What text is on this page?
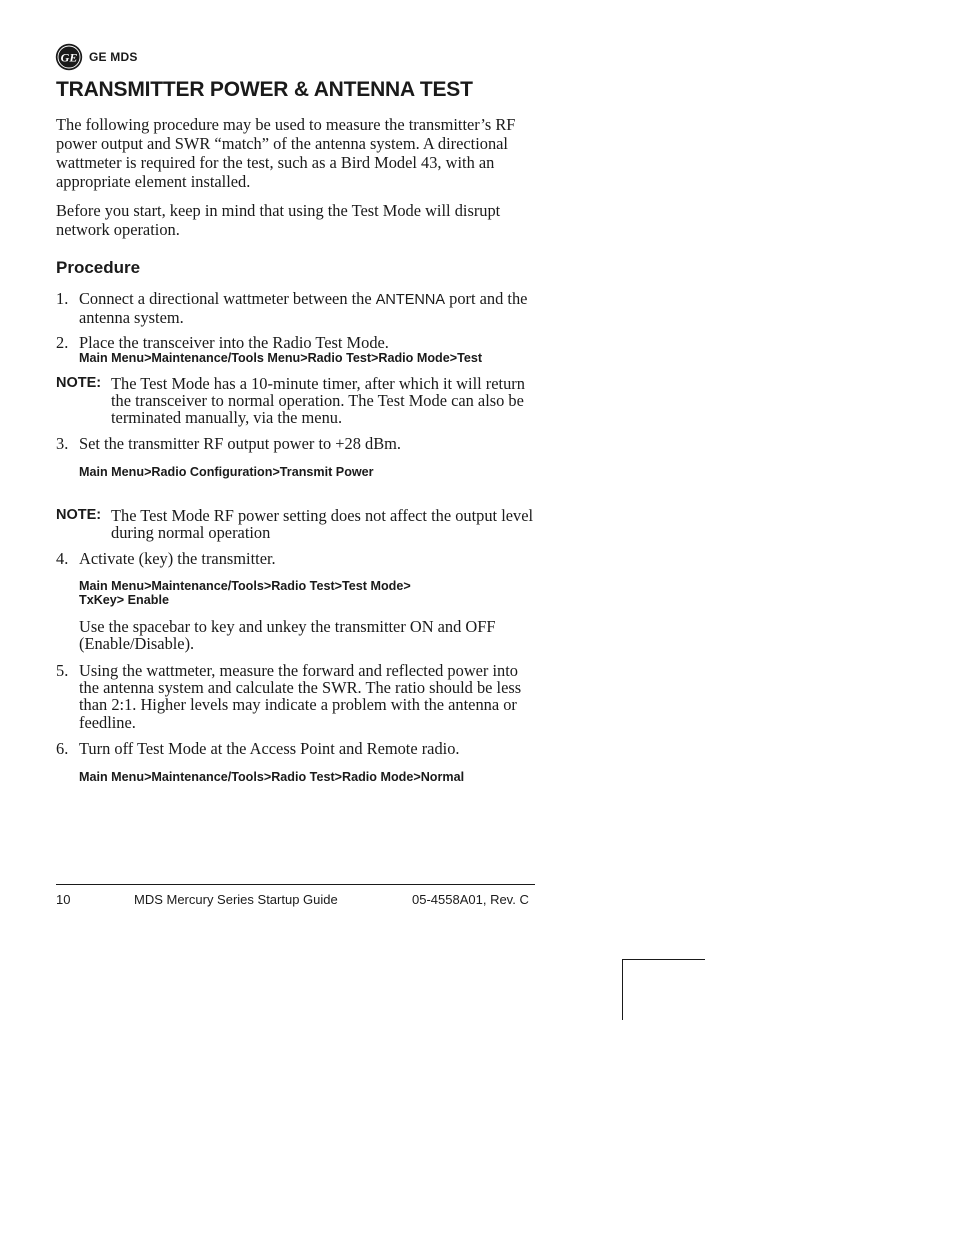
GE GE MDS
TRANSMITTER POWER & ANTENNA TEST

The following procedure may be used to measure the transmitter’s RF power output and SWR “match” of the antenna system. A directional wattmeter is required for the test, such as a Bird Model 43, with an appropriate element installed.

Before you start, keep in mind that using the Test Mode will disrupt network operation.

Procedure
1. Connect a directional wattmeter between the ANTENNA port and the antenna system.
2. Place the transceiver into the Radio Test Mode.
Main Menu>Maintenance/Tools Menu>Radio Test>Radio Mode>Test
NOTE: The Test Mode has a 10-minute timer, after which it will return the transceiver to normal operation. The Test Mode can also be terminated manually, via the menu.
3. Set the transmitter RF output power to +28 dBm.
Main Menu>Radio Configuration>Transmit Power
NOTE: The Test Mode RF power setting does not affect the output level during normal operation
4. Activate (key) the transmitter.
Main Menu>Maintenance/Tools>Radio Test>Test Mode>
TxKey> Enable
Use the spacebar to key and unkey the transmitter ON and OFF (Enable/Disable).
5. Using the wattmeter, measure the forward and reflected power into the antenna system and calculate the SWR. The ratio should be less than 2:1. Higher levels may indicate a problem with the antenna or feedline.
6. Turn off Test Mode at the Access Point and Remote radio.
Main Menu>Maintenance/Tools>Radio Test>Radio Mode>Normal
10	MDS Mercury Series Startup Guide	05-4558A01, Rev. C
